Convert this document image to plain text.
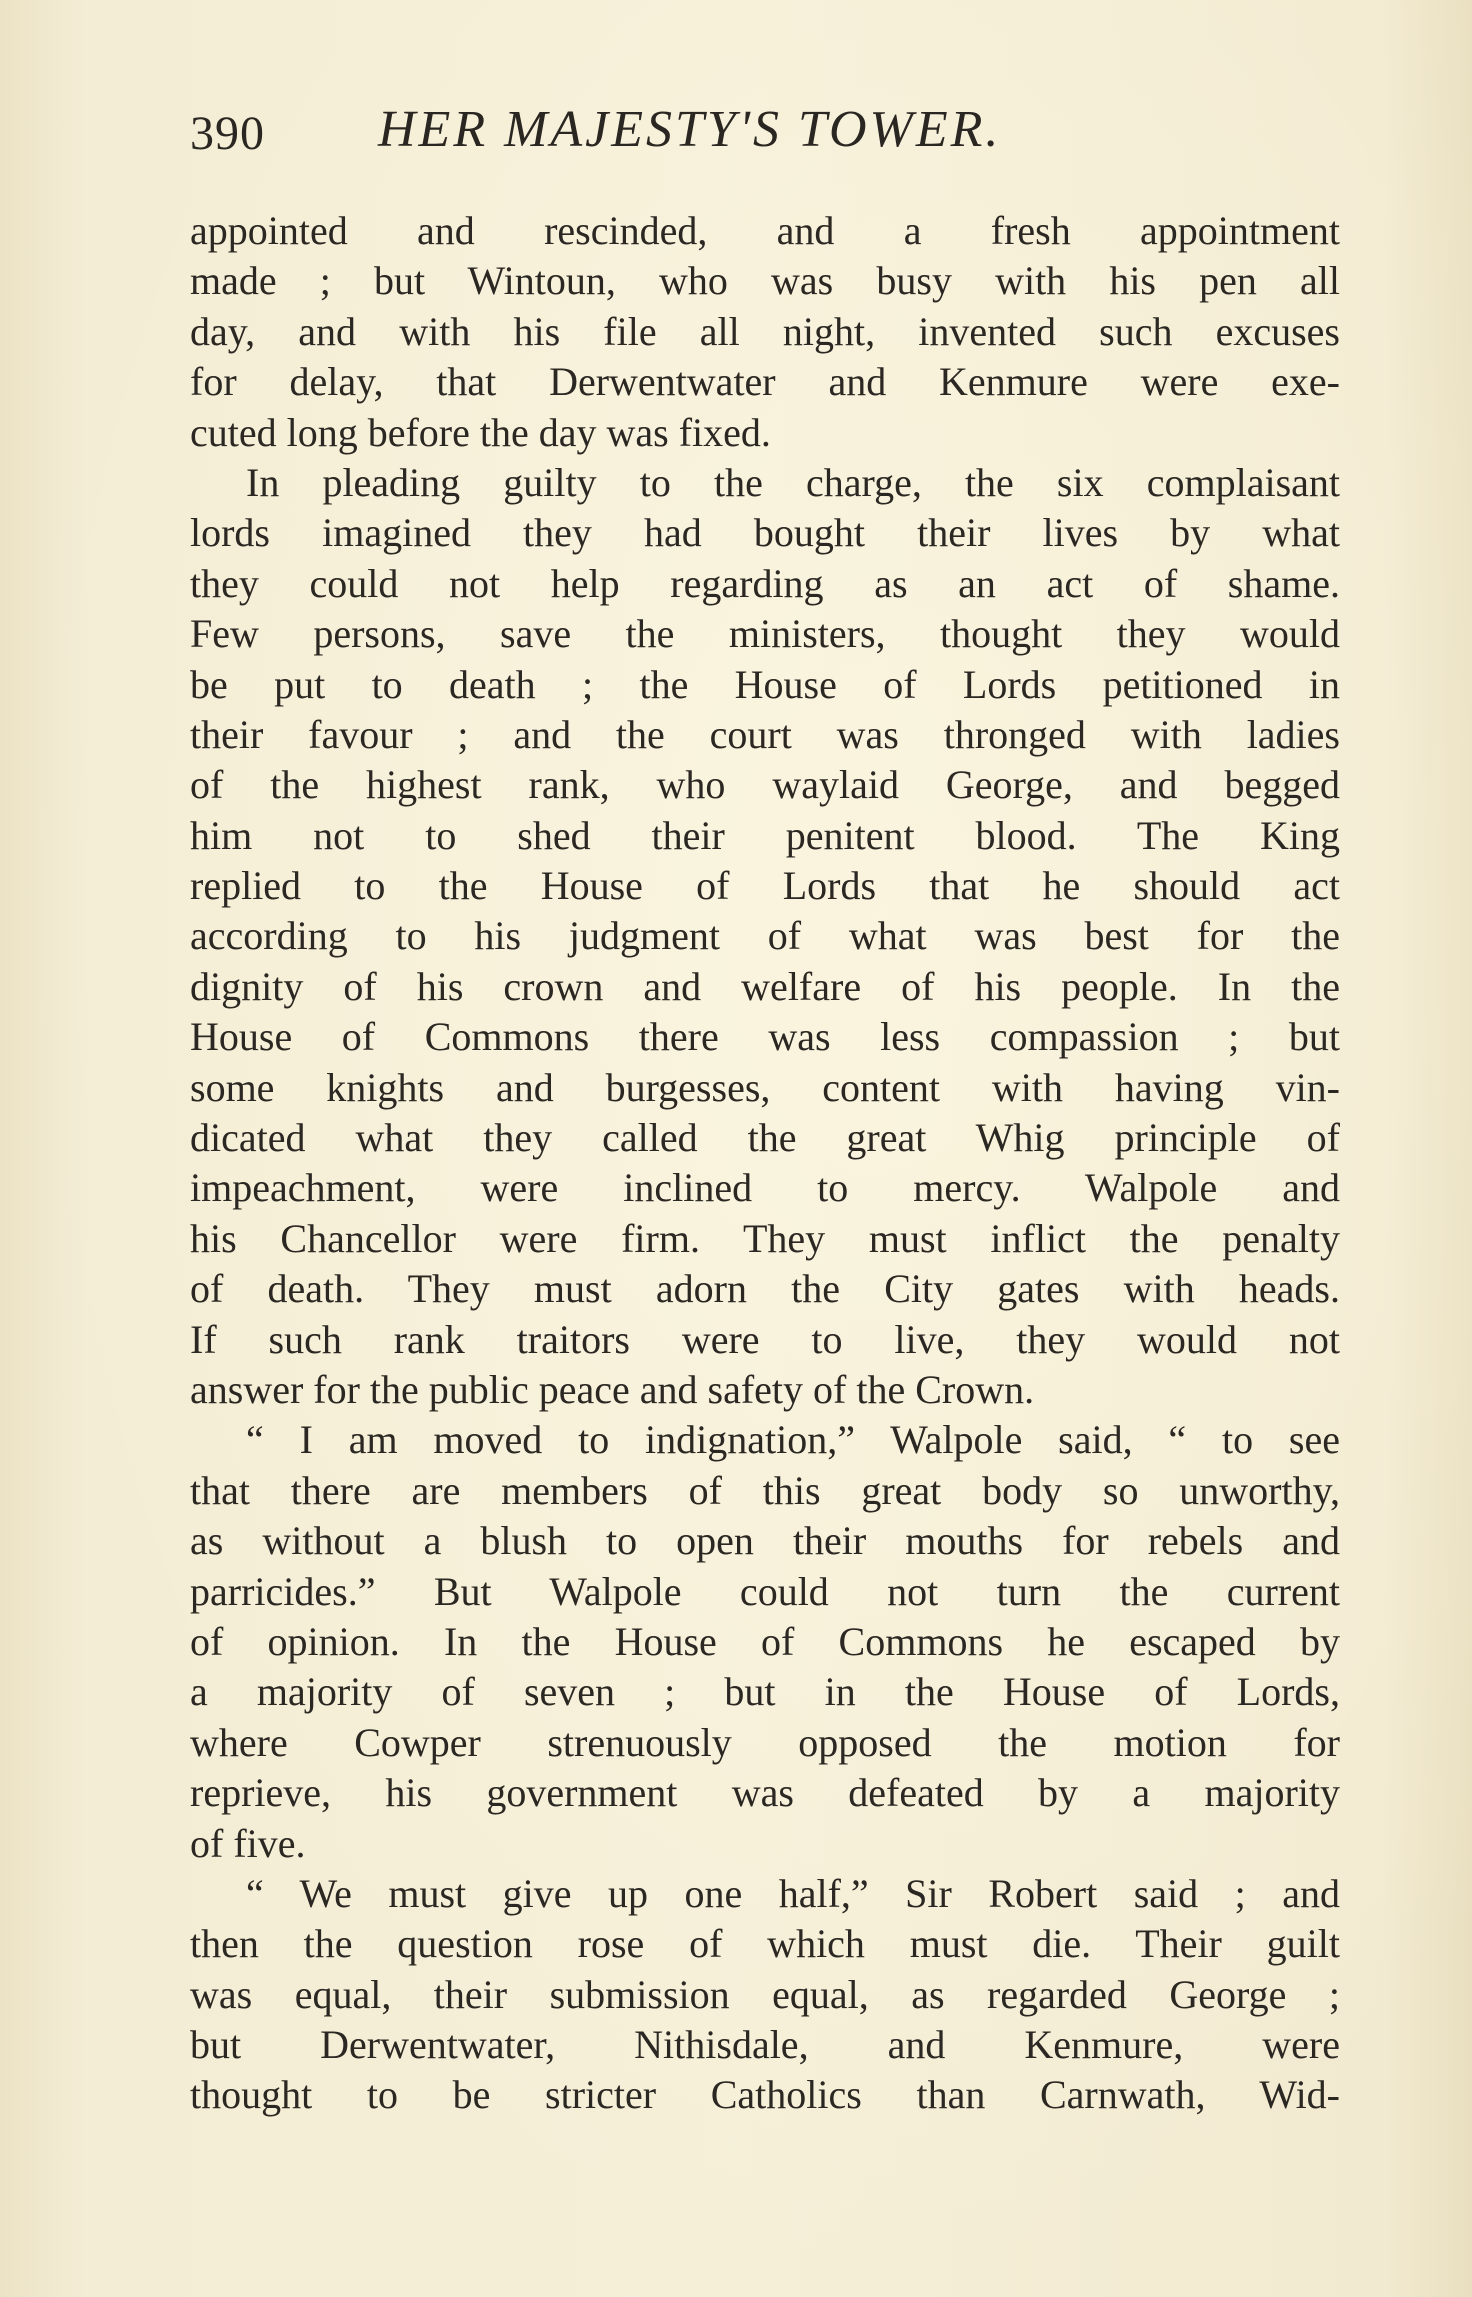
390 HER MAJESTY'S TOWER.
appointed and rescinded, and a fresh appointment
made ; but Wintoun, who was busy with his pen all
day, and with his file all night, invented such excuses
for delay, that Derwentwater and Kenmure were exe-
cuted long before the day was fixed.
In pleading guilty to the charge, the six complaisant
lords imagined they had bought their lives by what
they could not help regarding as an act of shame.
Few persons, save the ministers, thought they would
be put to death ; the House of Lords petitioned in
their favour ; and the court was thronged with ladies
of the highest rank, who waylaid George, and begged
him not to shed their penitent blood. The King
replied to the House of Lords that he should act
according to his judgment of what was best for the
dignity of his crown and welfare of his people. In the
House of Commons there was less compassion ; but
some knights and burgesses, content with having vin-
dicated what they called the great Whig principle of
impeachment, were inclined to mercy. Walpole and
his Chancellor were firm. They must inflict the penalty
of death. They must adorn the City gates with heads.
If such rank traitors were to live, they would not
answer for the public peace and safety of the Crown.
“ I am moved to indignation,” Walpole said, “ to see
that there are members of this great body so unworthy,
as without a blush to open their mouths for rebels and
parricides.” But Walpole could not turn the current
of opinion. In the House of Commons he escaped by
a majority of seven ; but in the House of Lords,
where Cowper strenuously opposed the motion for
reprieve, his government was defeated by a majority
of five.
“ We must give up one half,” Sir Robert said ; and
then the question rose of which must die. Their guilt
was equal, their submission equal, as regarded George ;
but Derwentwater, Nithisdale, and Kenmure, were
thought to be stricter Catholics than Carnwath, Wid-
